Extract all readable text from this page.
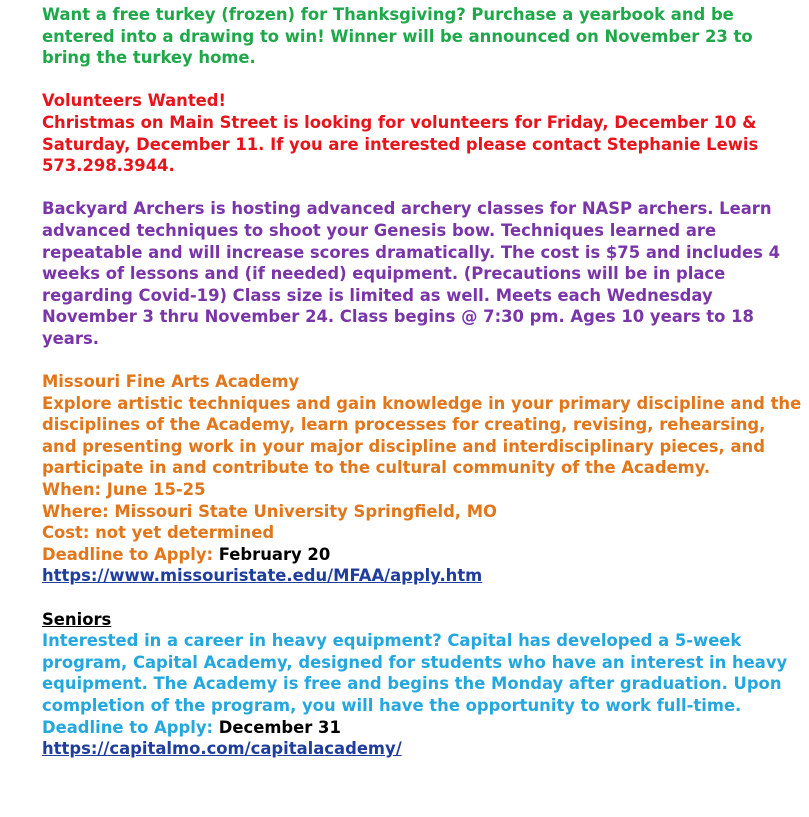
Want a free turkey (frozen) for Thanksgiving? Purchase a yearbook and be entered into a drawing to win! Winner will be announced on November 23 to bring the turkey home.

Volunteers Wanted!

Christmas on Main Street is looking for volunteers for Friday, December 10 & Saturday, December 11. If you are interested please contact Stephanie Lewis 573.298.3944.

Backyard Archers is hosting advanced archery classes for NASP archers. Learn advanced techniques to shoot your Genesis bow. Techniques learned are repeatable and will increase scores dramatically. The cost is $75 and includes 4 weeks of lessons and (if needed) equipment. (Precautions will be in place regarding Covid-19) Class size is limited as well. Meets each Wednesday November 3 thru November 24. Class begins @ 7:30 pm. Ages 10 years to 18 years.

Missouri Fine Arts Academy

Explore artistic techniques and gain knowledge in your primary discipline and the disciplines of the Academy, learn processes for creating, revising, rehearsing, and presenting work in your major discipline and interdisciplinary pieces, and participate in and contribute to the cultural community of the Academy.

When: June 15-25

Where: Missouri State University Springfield, MO

Cost: not yet determined

Deadline to Apply: February 20

https://www.missouristate.edu/MFAA/apply.htm

Seniors

Interested in a career in heavy equipment? Capital has developed a 5-week program, Capital Academy, designed for students who have an interest in heavy equipment. The Academy is free and begins the Monday after graduation. Upon completion of the program, you will have the opportunity to work full-time.

Deadline to Apply: December 31

https://capitalmo.com/capitalacademy/
